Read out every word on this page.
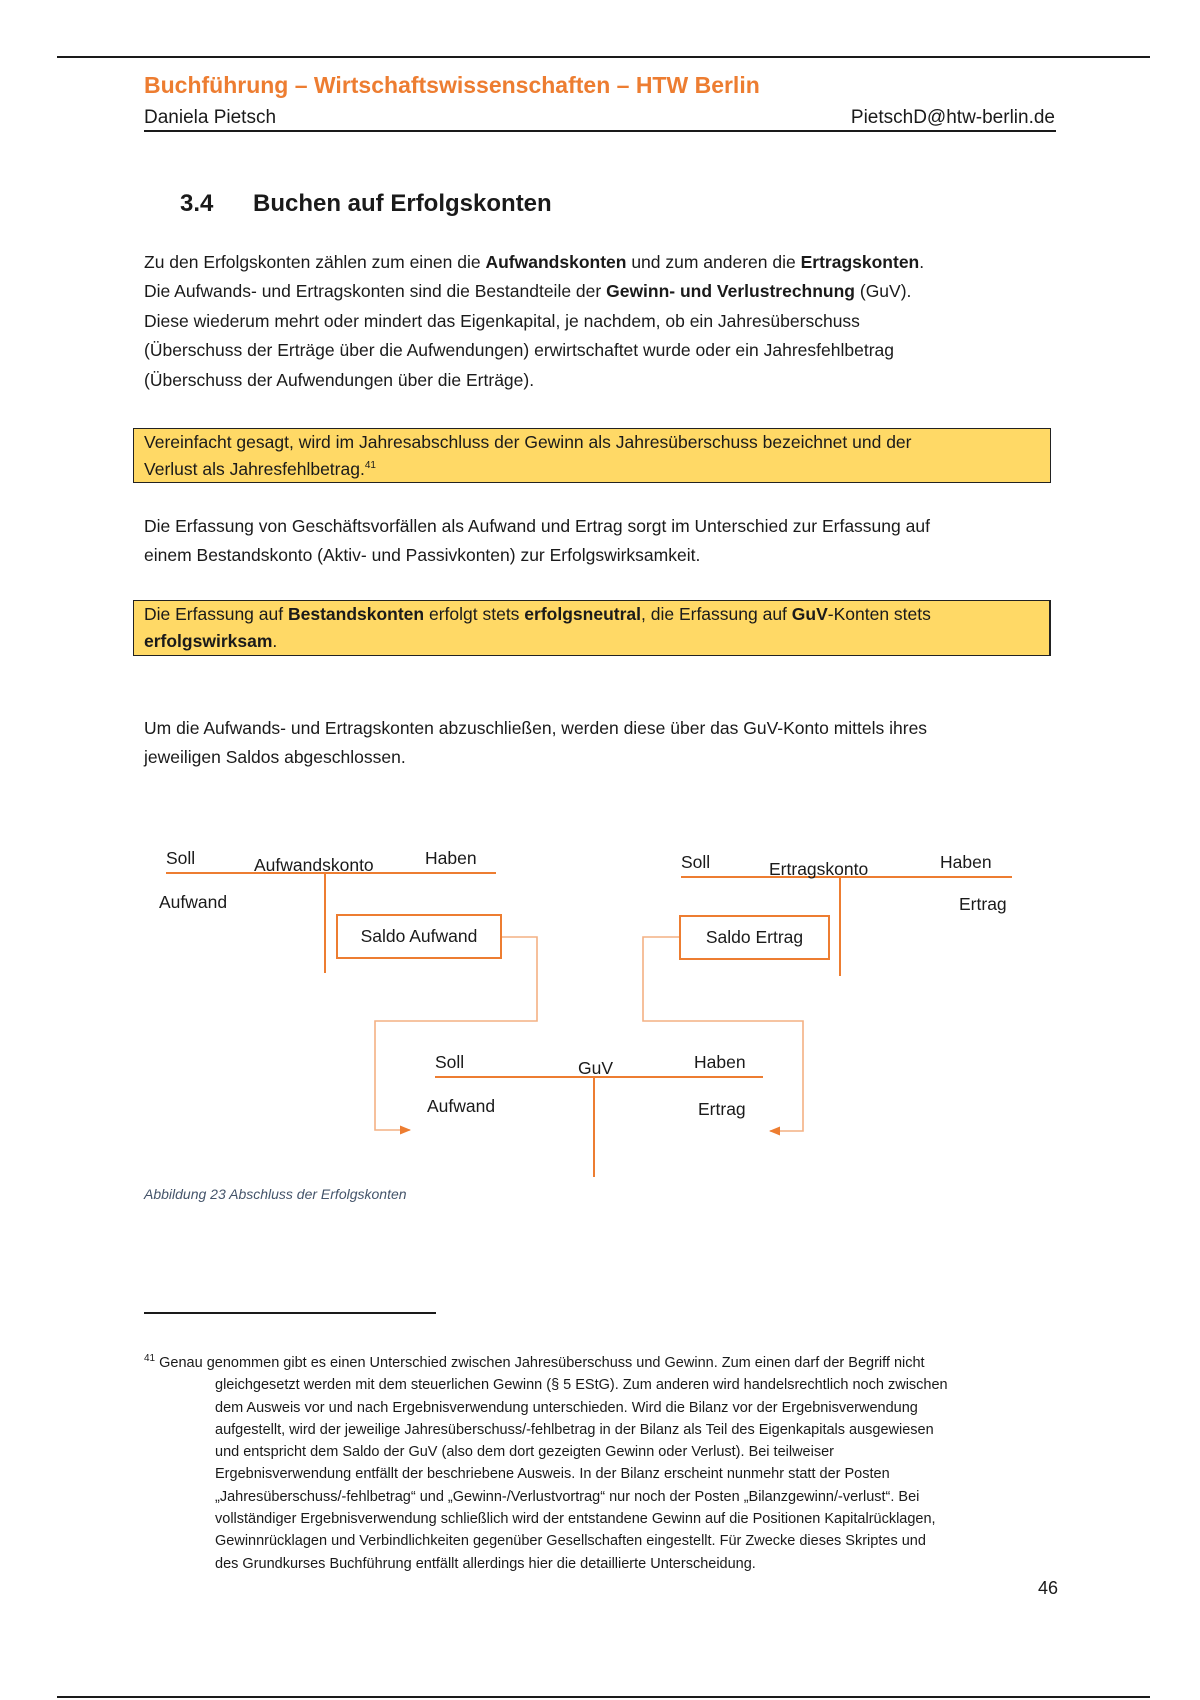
Buchführung – Wirtschaftswissenschaften – HTW Berlin
Daniela Pietsch	PietschD@htw-berlin.de
3.4 Buchen auf Erfolgskonten
Zu den Erfolgskonten zählen zum einen die Aufwandskonten und zum anderen die Ertragskonten.
Die Aufwands- und Ertragskonten sind die Bestandteile der Gewinn- und Verlustrechnung (GuV).
Diese wiederum mehrt oder mindert das Eigenkapital, je nachdem, ob ein Jahresüberschuss
(Überschuss der Erträge über die Aufwendungen) erwirtschaftet wurde oder ein Jahresfehlbetrag
(Überschuss der Aufwendungen über die Erträge).
Vereinfacht gesagt, wird im Jahresabschluss der Gewinn als Jahresüberschuss bezeichnet und der
Verlust als Jahresfehlbetrag.$^{41}$
Die Erfassung von Geschäftsvorfällen als Aufwand und Ertrag sorgt im Unterschied zur Erfassung auf
einem Bestandskonto (Aktiv- und Passivkonten) zur Erfolgswirksamkeit.
Die Erfassung auf Bestandskonten erfolgt stets erfolgsneutral, die Erfassung auf GuV-Konten stets
erfolgswirksam.
Um die Aufwands- und Ertragskonten abzuschließen, werden diese über das GuV-Konto mittels ihres
jeweiligen Saldos abgeschlossen.
Soll	Aufwandskonto	Haben
Aufwand
Saldo Aufwand
Soll	Ertragskonto	Haben
Ertrag
Saldo Ertrag
Soll	GuV	Haben
Aufwand	Ertrag
Abbildung 23 Abschluss der Erfolgskonten
$^{41}$ Genau genommen gibt es einen Unterschied zwischen Jahresüberschuss und Gewinn. Zum einen darf der Begriff nicht
gleichgesetzt werden mit dem steuerlichen Gewinn (§ 5 EStG). Zum anderen wird handelsrechtlich noch zwischen
dem Ausweis vor und nach Ergebnisverwendung unterschieden. Wird die Bilanz vor der Ergebnisverwendung
aufgestellt, wird der jeweilige Jahresüberschuss/-fehlbetrag in der Bilanz als Teil des Eigenkapitals ausgewiesen
und entspricht dem Saldo der GuV (also dem dort gezeigten Gewinn oder Verlust). Bei teilweiser
Ergebnisverwendung entfällt der beschriebene Ausweis. In der Bilanz erscheint nunmehr statt der Posten
„Jahresüberschuss/-fehlbetrag“ und „Gewinn-/Verlustvortrag“ nur noch der Posten „Bilanzgewinn/-verlust“. Bei
vollständiger Ergebnisverwendung schließlich wird der entstandene Gewinn auf die Positionen Kapitalrücklagen,
Gewinnrücklagen und Verbindlichkeiten gegenüber Gesellschaften eingestellt. Für Zwecke dieses Skriptes und
des Grundkurses Buchführung entfällt allerdings hier die detaillierte Unterscheidung.
46
